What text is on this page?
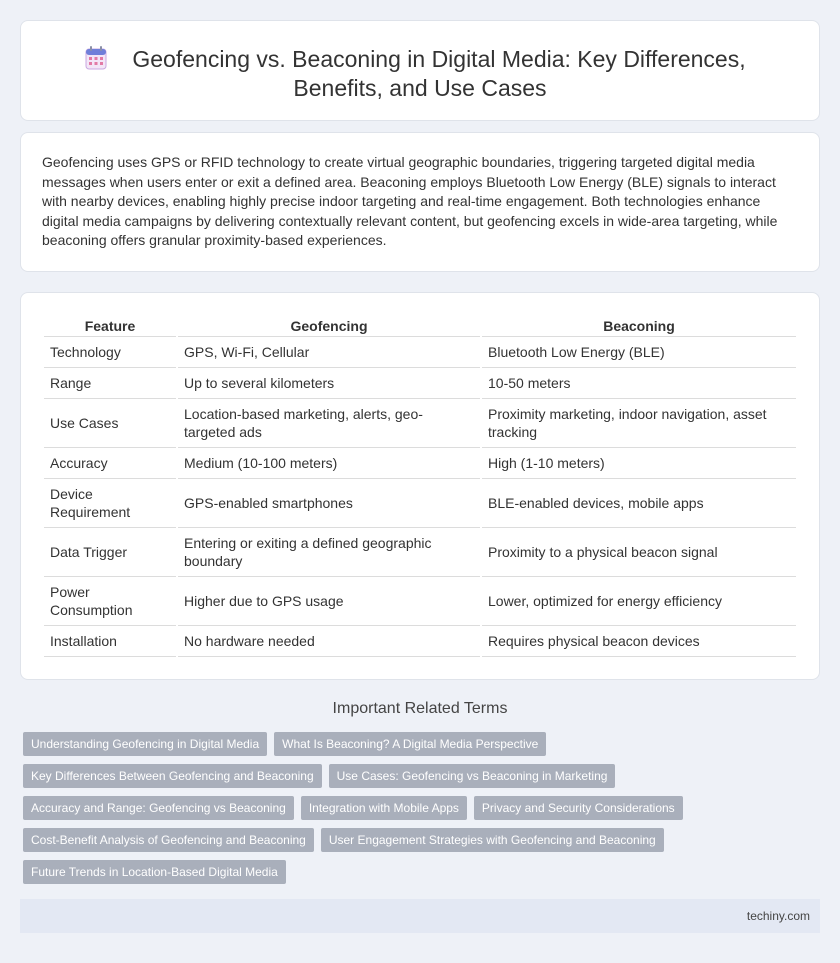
Geofencing vs. Beaconing in Digital Media: Key Differences,
Benefits, and Use Cases

Geofencing uses GPS or RFID technology to create virtual geographic boundaries, triggering targeted digital media messages when users enter or exit a defined area. Beaconing employs Bluetooth Low Energy (BLE) signals to interact with nearby devices, enabling highly precise indoor targeting and real-time engagement. Both technologies enhance digital media campaigns by delivering contextually relevant content, but geofencing excels in wide-area targeting, while beaconing offers granular proximity-based experiences.

Feature	Geofencing	Beaconing
Technology	GPS, Wi-Fi, Cellular	Bluetooth Low Energy (BLE)
Range	Up to several kilometers	10-50 meters
Use Cases	Location-based marketing, alerts, geo-targeted ads	Proximity marketing, indoor navigation, asset tracking
Accuracy	Medium (10-100 meters)	High (1-10 meters)
Device Requirement	GPS-enabled smartphones	BLE-enabled devices, mobile apps
Data Trigger	Entering or exiting a defined geographic boundary	Proximity to a physical beacon signal
Power Consumption	Higher due to GPS usage	Lower, optimized for energy efficiency
Installation	No hardware needed	Requires physical beacon devices
Important Related Terms
Understanding Geofencing in Digital Media	What Is Beaconing? A Digital Media Perspective
Key Differences Between Geofencing and Beaconing	Use Cases: Geofencing vs Beaconing in Marketing
Accuracy and Range: Geofencing vs Beaconing	Integration with Mobile Apps	Privacy and Security Considerations
Cost-Benefit Analysis of Geofencing and Beaconing	User Engagement Strategies with Geofencing and Beaconing
Future Trends in Location-Based Digital Media
techiny.com
